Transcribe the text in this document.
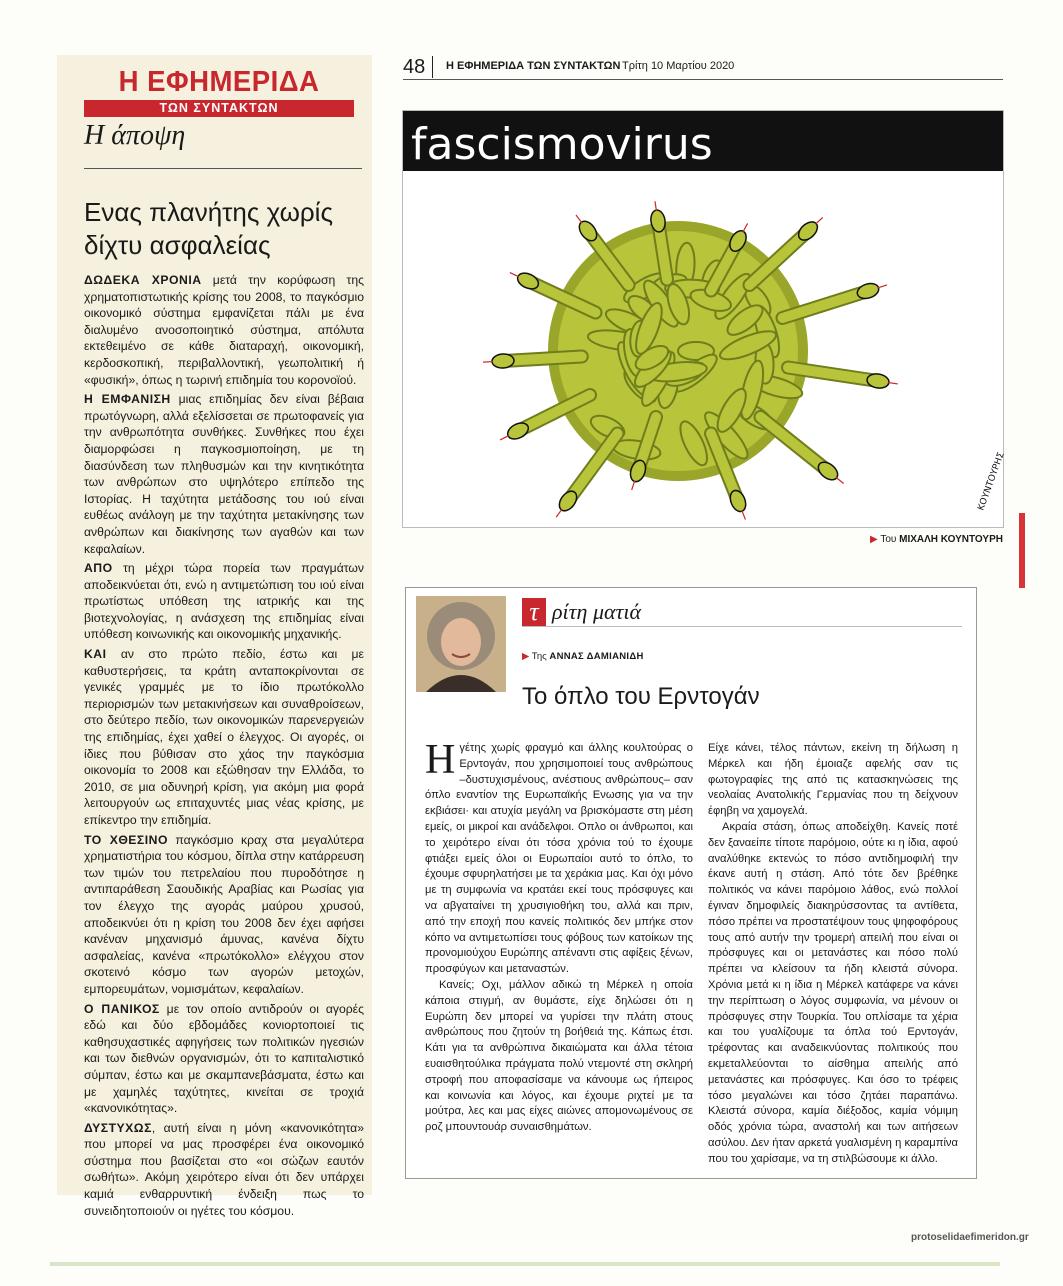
Η ΕΦΗΜΕΡΙΔΑ
ΤΩΝ ΣΥΝΤΑΚΤΩΝ
Η άποψη
Ενας πλανήτης χωρίς δίχτυ ασφαλείας

ΔΩΔΕΚΑ ΧΡΟΝΙΑ μετά την κορύφωση της χρηματοπιστωτικής κρίσης του 2008, το παγκόσμιο οικονομικό σύστημα εμφανίζεται πάλι με ένα διαλυμένο ανοσοποιητικό σύστημα, απόλυτα εκτεθειμένο σε κάθε διαταραχή, οικονομική, κερδοσκοπική, περιβαλλοντική, γεωπολιτική ή «φυσική», όπως η τωρινή επιδημία του κορονοϊού.

Η ΕΜΦΑΝΙΣΗ μιας επιδημίας δεν είναι βέβαια πρωτόγνωρη, αλλά εξελίσσεται σε πρωτοφανείς για την ανθρωπότητα συνθήκες. Συνθήκες που έχει διαμορφώσει η παγκοσμιοποίηση, με τη διασύνδεση των πληθυσμών και την κινητικότητα των ανθρώπων στο υψηλότερο επίπεδο της Ιστορίας. Η ταχύτητα μετάδοσης του ιού είναι ευθέως ανάλογη με την ταχύτητα μετακίνησης των ανθρώπων και διακίνησης των αγαθών και των κεφαλαίων.

ΑΠΟ τη μέχρι τώρα πορεία των πραγμάτων αποδεικνύεται ότι, ενώ η αντιμετώπιση του ιού είναι πρωτίστως υπόθεση της ιατρικής και της βιοτεχνολογίας, η ανάσχεση της επιδημίας είναι υπόθεση κοινωνικής και οικονομικής μηχανικής.

ΚΑΙ αν στο πρώτο πεδίο, έστω και με καθυστερήσεις, τα κράτη ανταποκρίνονται σε γενικές γραμμές με το ίδιο πρωτόκολλο περιορισμών των μετακινήσεων και συναθροίσεων, στο δεύτερο πεδίο, των οικονομικών παρενεργειών της επιδημίας, έχει χαθεί ο έλεγχος. Οι αγορές, οι ίδιες που βύθισαν στο χάος την παγκόσμια οικονομία το 2008 και εξώθησαν την Ελλάδα, το 2010, σε μια οδυνηρή κρίση, για ακόμη μια φορά λειτουργούν ως επιταχυντές μιας νέας κρίσης, με επίκεντρο την επιδημία.

ΤΟ ΧΘΕΣΙΝΟ παγκόσμιο κραχ στα μεγαλύτερα χρηματιστήρια του κόσμου, δίπλα στην κατάρρευση των τιμών του πετρελαίου που πυροδότησε η αντιπαράθεση Σαουδικής Αραβίας και Ρωσίας για τον έλεγχο της αγοράς μαύρου χρυσού, αποδεικνύει ότι η κρίση του 2008 δεν έχει αφήσει κανέναν μηχανισμό άμυνας, κανένα δίχτυ ασφαλείας, κανένα «πρωτόκολλο» ελέγχου στον σκοτεινό κόσμο των αγορών μετοχών, εμπορευμάτων, νομισμάτων, κεφαλαίων.

Ο ΠΑΝΙΚΟΣ με τον οποίο αντιδρούν οι αγορές εδώ και δύο εβδομάδες κονιορτοποιεί τις καθησυχαστικές αφηγήσεις των πολιτικών ηγεσιών και των διεθνών οργανισμών, ότι το καπιταλιστικό σύμπαν, έστω και με σκαμπανεβάσματα, έστω και με χαμηλές ταχύτητες, κινείται σε τροχιά «κανονικότητας».

ΔΥΣΤΥΧΩΣ, αυτή είναι η μόνη «κανονικότητα» που μπορεί να μας προσφέρει ένα οικονομικό σύστημα που βασίζεται στο «οι σώζων εαυτόν σωθήτω». Ακόμη χειρότερο είναι ότι δεν υπάρχει καμιά ενθαρρυντική ένδειξη πως το συνειδητοποιούν οι ηγέτες του κόσμου.

48	Η ΕΦΗΜΕΡΙΔΑ ΤΩΝ ΣΥΝΤΑΚΤΩΝ Τρίτη 10 Μαρτίου 2020
fascismovirus
ΚΟΥΝΤΟΥΡΗΣ
▶ Του ΜΙΧΑΛΗ ΚΟΥΝΤΟΥΡΗ
τ ρίτη ματιά
▶ Της ΑΝΝΑΣ ΔΑΜΙΑΝΙΔΗ
Το όπλο του Ερντογάν

Ηγέτης χωρίς φραγμό και άλλης κουλτούρας ο Ερντογάν, που χρησιμοποιεί τους ανθρώπους –δυστυχισμένους, ανέστιους ανθρώπους– σαν όπλο εναντίον της Ευρωπαϊκής Ενωσης για να την εκβιάσει· και ατυχία μεγάλη να βρισκόμαστε στη μέση εμείς, οι μικροί και ανάδελφοι. Οπλο οι άνθρωποι, και το χειρότερο είναι ότι τόσα χρόνια τού το έχουμε φτιάξει εμείς όλοι οι Ευρωπαίοι αυτό το όπλο, το έχουμε σφυρηλατήσει με τα χεράκια μας. Και όχι μόνο με τη συμφωνία να κρατάει εκεί τους πρόσφυγες και να αβγαταίνει τη χρυσιγιοθήκη του, αλλά και πριν, από την εποχή που κανείς πολιτικός δεν μπήκε στον κόπο να αντιμετωπίσει τους φόβους των κατοίκων της προνομιούχου Ευρώπης απέναντι στις αφίξεις ξένων, προσφύγων και μεταναστών.

Κανείς; Οχι, μάλλον αδικώ τη Μέρκελ η οποία κάποια στιγμή, αν θυμάστε, είχε δηλώσει ότι η Ευρώπη δεν μπορεί να γυρίσει την πλάτη στους ανθρώπους που ζητούν τη βοήθειά της. Κάπως έτσι. Κάτι για τα ανθρώπινα δικαιώματα και άλλα τέτοια ευαισθητούλικα πράγματα πολύ ντεμοντέ στη σκληρή στροφή που αποφασίσαμε να κάνουμε ως ήπειρος και κοινωνία και λόγος, και έχουμε ριχτεί με τα μούτρα, λες και μας είχες αιώνες απομονωμένους σε ροζ μπουντουάρ συναισθημάτων.

Είχε κάνει, τέλος πάντων, εκείνη τη δήλωση η Μέρκελ και ήδη έμοιαζε αφελής σαν τις φωτογραφίες της από τις κατασκηνώσεις της νεολαίας Ανατολικής Γερμανίας που τη δείχνουν έφηβη να χαμογελά.

Ακραία στάση, όπως αποδείχθη. Κανείς ποτέ δεν ξαναείπε τίποτε παρόμοιο, ούτε κι η ίδια, αφού αναλύθηκε εκτενώς το πόσο αντιδημοφιλή την έκανε αυτή η στάση. Από τότε δεν βρέθηκε πολιτικός να κάνει παρόμοιο λάθος, ενώ πολλοί έγιναν δημοφιλείς διακηρύσσοντας τα αντίθετα, πόσο πρέπει να προστατέψουν τους ψηφοφόρους τους από αυτήν την τρομερή απειλή που είναι οι πρόσφυγες και οι μετανάστες και πόσο πολύ πρέπει να κλείσουν τα ήδη κλειστά σύνορα. Χρόνια μετά κι η ίδια η Μέρκελ κατάφερε να κάνει την περίπτωση ο λόγος συμφωνία, να μένουν οι πρόσφυγες στην Τουρκία. Του οπλίσαμε τα χέρια και του γυαλίζουμε τα όπλα τού Ερντογάν, τρέφοντας και αναδεικνύοντας πολιτικούς που εκμεταλλεύονται το αίσθημα απειλής από μετανάστες και πρόσφυγες. Και όσο το τρέφεις τόσο μεγαλώνει και τόσο ζητάει παραπάνω. Κλειστά σύνορα, καμία διέξοδος, καμία νόμιμη οδός χρόνια τώρα, αναστολή και των αιτήσεων ασύλου. Δεν ήταν αρκετά γυαλισμένη η καραμπίνα που του χαρίσαμε, να τη στιλβώσουμε κι άλλο.

protoselidaefimeridon.gr
